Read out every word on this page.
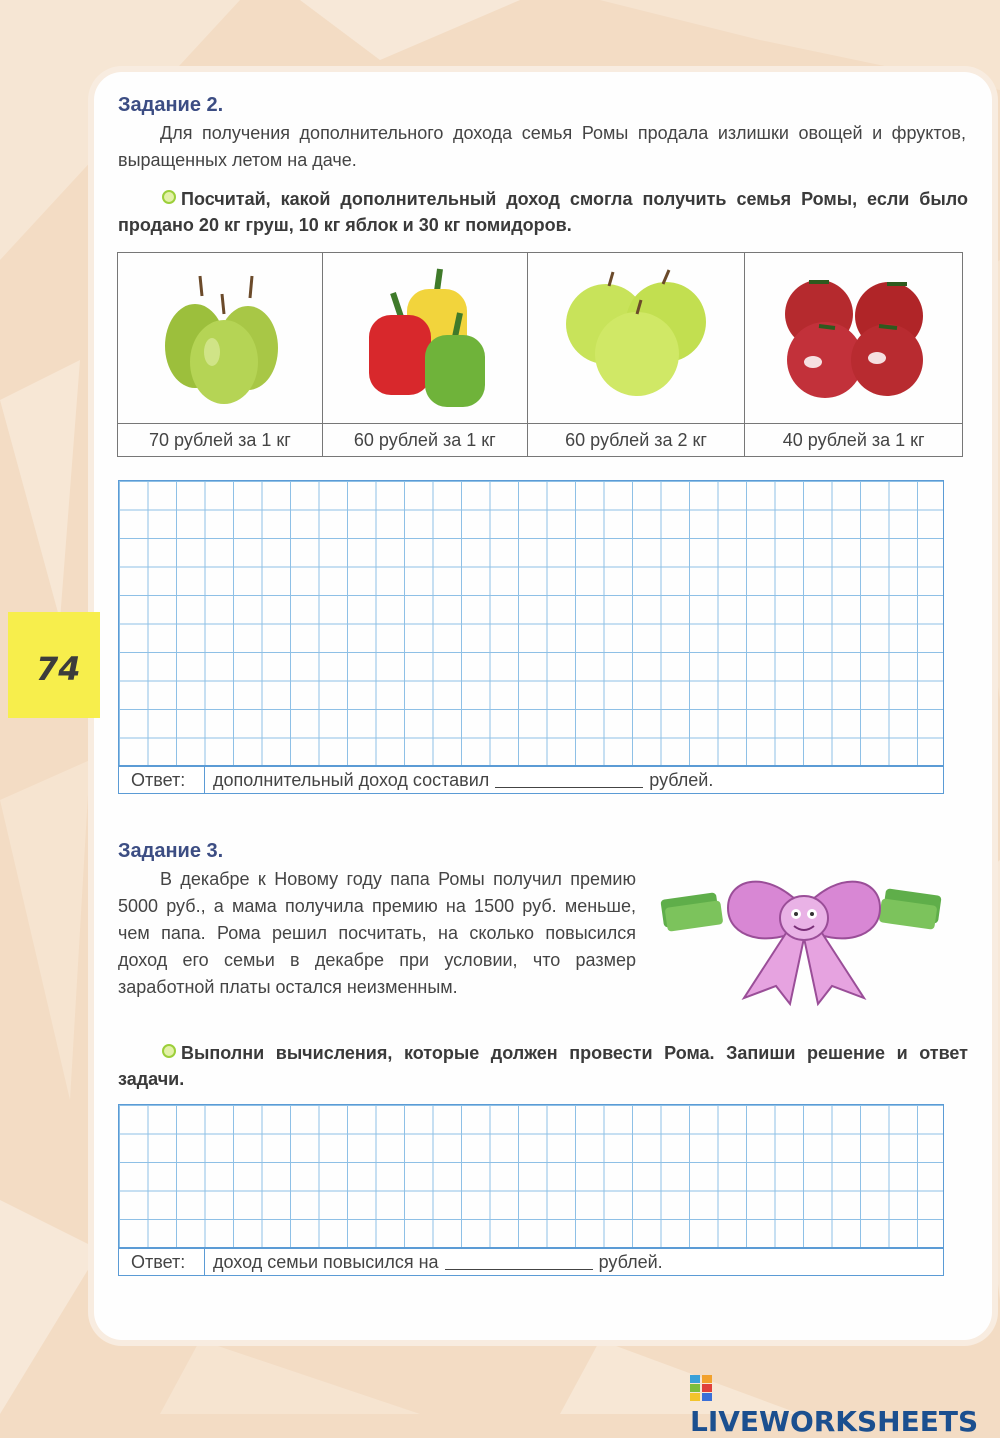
74
Задание 2.
Для получения дополнительного дохода семья Ромы продала излишки овощей и фруктов, выращенных летом на даче.
Посчитай, какой дополнительный доход смогла получить семья Ромы, если было продано 20 кг груш, 10 кг яблок и 30 кг помидоров.

70 рублей за 1 кг	60 рублей за 1 кг	60 рублей за 2 кг	40 рублей за 1 кг
Ответ:	дополнительный доход составил	рублей.
Задание 3.
В декабре к Новому году папа Ромы получил премию 5000 руб., а мама получила премию на 1500 руб. меньше, чем папа. Рома решил посчитать, на сколько повысился доход его семьи в декабре при условии, что размер заработной платы остался неизменным.
Выполни вычисления, которые должен провести Рома. Запиши решение и ответ задачи.
Ответ:	доход семьи повысился на	рублей.
LIVEWORKSHEETS
